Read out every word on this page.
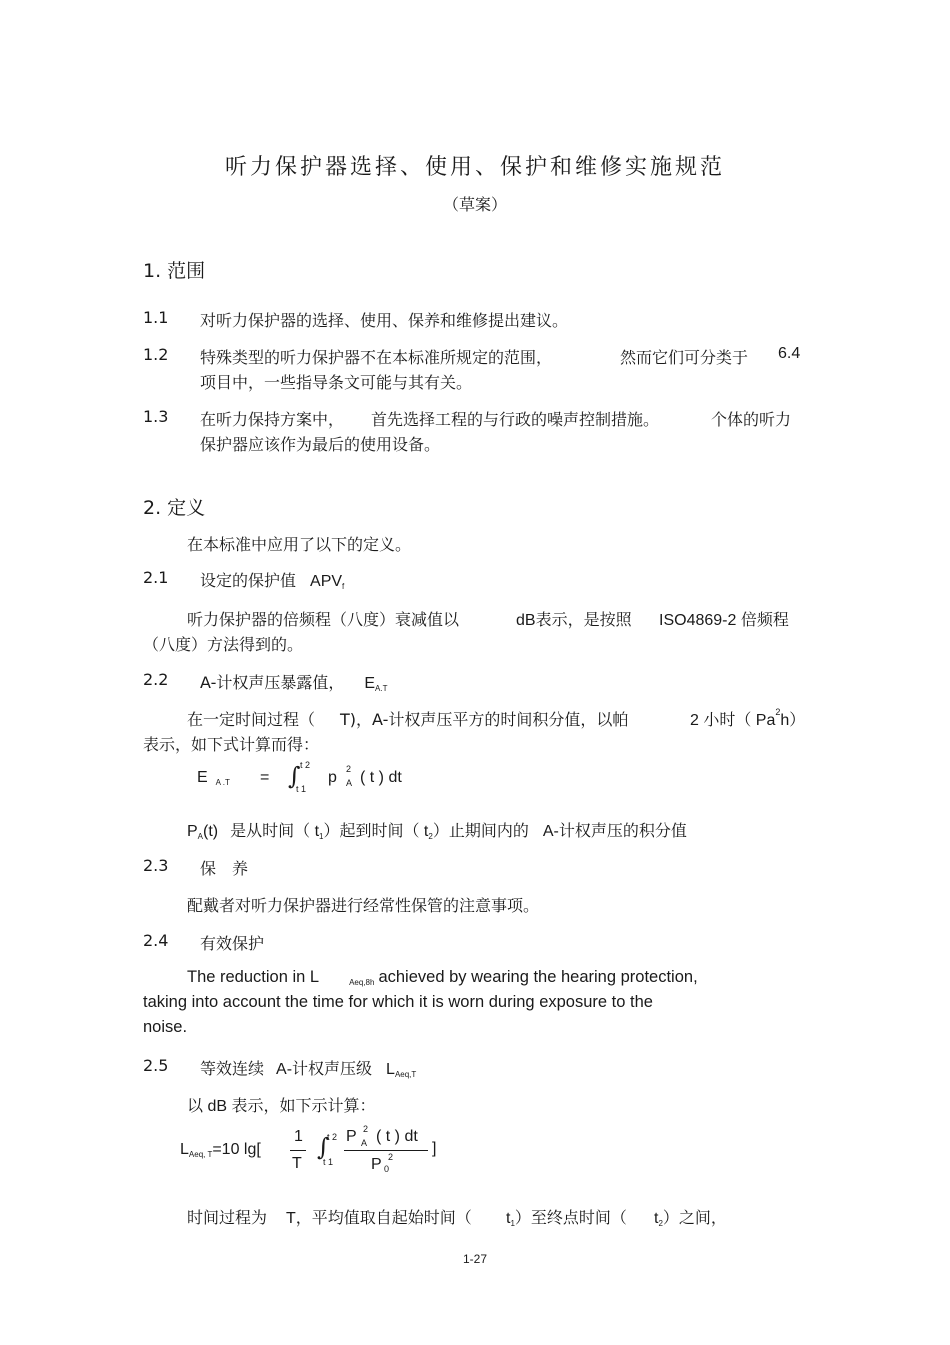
听力保护器选择、使用、保护和维修实施规范
（草案）
1. 范围
1.1 对听力保护器的选择、使用、保养和维修提出建议。
1.2 特殊类型的听力保护器不在本标准所规定的范围，	然而它们可分类于 6.4
项目中，一些指导条文可能与其有关。
1.3 在听力保持方案中， 首先选择工程的与行政的噪声控制措施。	个体的听力
保护器应该作为最后的使用设备。
2. 定义
在本标准中应用了以下的定义。
2.1 设定的保护值 $APV_f$
听力保护器的倍频程（八度）衰减值以	dB表示，是按照 ISO4869-2 倍频程
（八度）方法得到的。
2.2 A-计权声压暴露值， $E_{A.T}$
在一定时间过程（ T)，A-计权声压平方的时间积分值，以帕	2 小时（ Pa$^2$h）
表示，如下式计算而得：
E $_{A .T}$ = ∫ t 2
t 1
p 2
A ( t ) dt
$P_A(t)$ 是从时间（ $t_1$）起到时间（ $t_2$）止期间内的 A-计权声压的积分值
2.3 保　养
配戴者对听力保护器进行经常性保管的注意事项。
2.4 有效保护
The reduction in L	$_{Aeq,8h}$ achieved by wearing the hearing protection,
taking into account the time for which it is worn during exposure to the
noise.
2.5 等效连续 A-计权声压级 $L_{Aeq,T}$
以 dB 表示，如下示计算：
$L_{Aeq, T}=10$ lg[
1
T
∫
t 2
t 1
P 2
A ( t ) dt
P 0
2 ]
时间过程为 T，平均值取自起始时间（ $t_1$）至终点时间（ $t_2$）之间，
1-27
